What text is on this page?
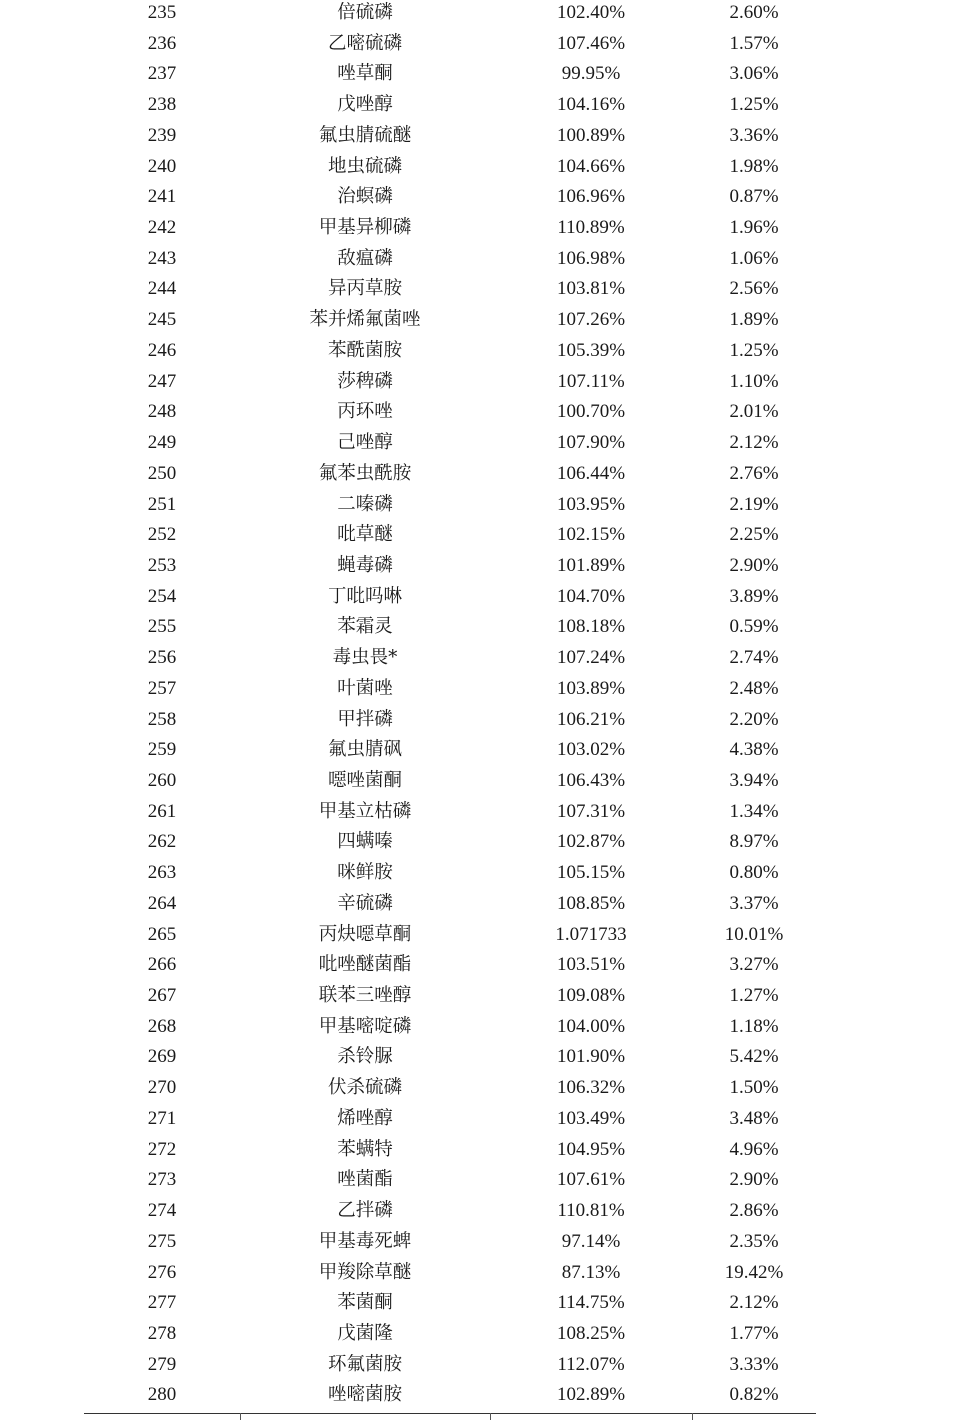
235	倍硫磷	102.40%	2.60%
236	乙嘧硫磷	107.46%	1.57%
237	唑草酮	99.95%	3.06%
238	戊唑醇	104.16%	1.25%
239	氟虫腈硫醚	100.89%	3.36%
240	地虫硫磷	104.66%	1.98%
241	治螟磷	106.96%	0.87%
242	甲基异柳磷	110.89%	1.96%
243	敌瘟磷	106.98%	1.06%
244	异丙草胺	103.81%	2.56%
245	苯并烯氟菌唑	107.26%	1.89%
246	苯酰菌胺	105.39%	1.25%
247	莎稗磷	107.11%	1.10%
248	丙环唑	100.70%	2.01%
249	己唑醇	107.90%	2.12%
250	氟苯虫酰胺	106.44%	2.76%
251	二嗪磷	103.95%	2.19%
252	吡草醚	102.15%	2.25%
253	蝇毒磷	101.89%	2.90%
254	丁吡吗啉	104.70%	3.89%
255	苯霜灵	108.18%	0.59%
256	毒虫畏*	107.24%	2.74%
257	叶菌唑	103.89%	2.48%
258	甲拌磷	106.21%	2.20%
259	氟虫腈砜	103.02%	4.38%
260	噁唑菌酮	106.43%	3.94%
261	甲基立枯磷	107.31%	1.34%
262	四螨嗪	102.87%	8.97%
263	咪鲜胺	105.15%	0.80%
264	辛硫磷	108.85%	3.37%
265	丙炔噁草酮	1.071733	10.01%
266	吡唑醚菌酯	103.51%	3.27%
267	联苯三唑醇	109.08%	1.27%
268	甲基嘧啶磷	104.00%	1.18%
269	杀铃脲	101.90%	5.42%
270	伏杀硫磷	106.32%	1.50%
271	烯唑醇	103.49%	3.48%
272	苯螨特	104.95%	4.96%
273	唑菌酯	107.61%	2.90%
274	乙拌磷	110.81%	2.86%
275	甲基毒死蜱	97.14%	2.35%
276	甲羧除草醚	87.13%	19.42%
277	苯菌酮	114.75%	2.12%
278	戊菌隆	108.25%	1.77%
279	环氟菌胺	112.07%	3.33%
280	唑嘧菌胺	102.89%	0.82%
